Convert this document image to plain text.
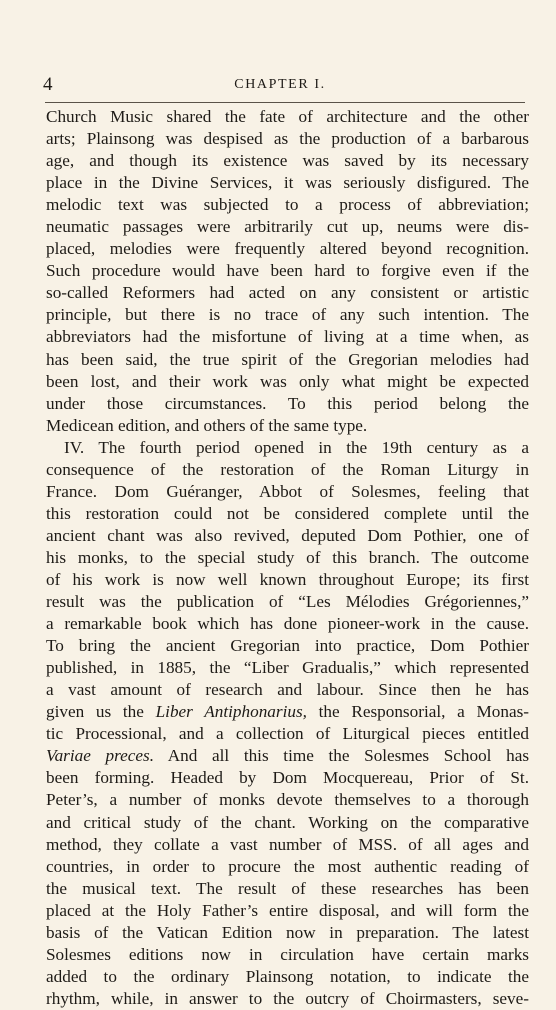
4	CHAPTER I.
Church Music shared the fate of architecture and the other
arts; Plainsong was despised as the production of a barbarous
age, and though its existence was saved by its necessary
place in the Divine Services, it was seriously disfigured. The
melodic text was subjected to a process of abbreviation;
neumatic passages were arbitrarily cut up, neums were dis-
placed, melodies were frequently altered beyond recognition.
Such procedure would have been hard to forgive even if the
so-called Reformers had acted on any consistent or artistic
principle, but there is no trace of any such intention. The
abbreviators had the misfortune of living at a time when, as
has been said, the true spirit of the Gregorian melodies had
been lost, and their work was only what might be expected
under those circumstances. To this period belong the
Medicean edition, and others of the same type.
IV. The fourth period opened in the 19th century as a
consequence of the restoration of the Roman Liturgy in
France. Dom Guéranger, Abbot of Solesmes, feeling that
this restoration could not be considered complete until the
ancient chant was also revived, deputed Dom Pothier, one of
his monks, to the special study of this branch. The outcome
of his work is now well known throughout Europe; its first
result was the publication of “Les Mélodies Grégoriennes,”
a remarkable book which has done pioneer-work in the cause.
To bring the ancient Gregorian into practice, Dom Pothier
published, in 1885, the “Liber Gradualis,” which represented
a vast amount of research and labour. Since then he has
given us the Liber Antiphonarius, the Responsorial, a Monas-
tic Processional, and a collection of Liturgical pieces entitled
Variae preces. And all this time the Solesmes School has
been forming. Headed by Dom Mocquereau, Prior of St.
Peter’s, a number of monks devote themselves to a thorough
and critical study of the chant. Working on the comparative
method, they collate a vast number of MSS. of all ages and
countries, in order to procure the most authentic reading of
the musical text. The result of these researches has been
placed at the Holy Father’s entire disposal, and will form the
basis of the Vatican Edition now in preparation. The latest
Solesmes editions now in circulation have certain marks
added to the ordinary Plainsong notation, to indicate the
rhythm, while, in answer to the outcry of Choirmasters, seve-
